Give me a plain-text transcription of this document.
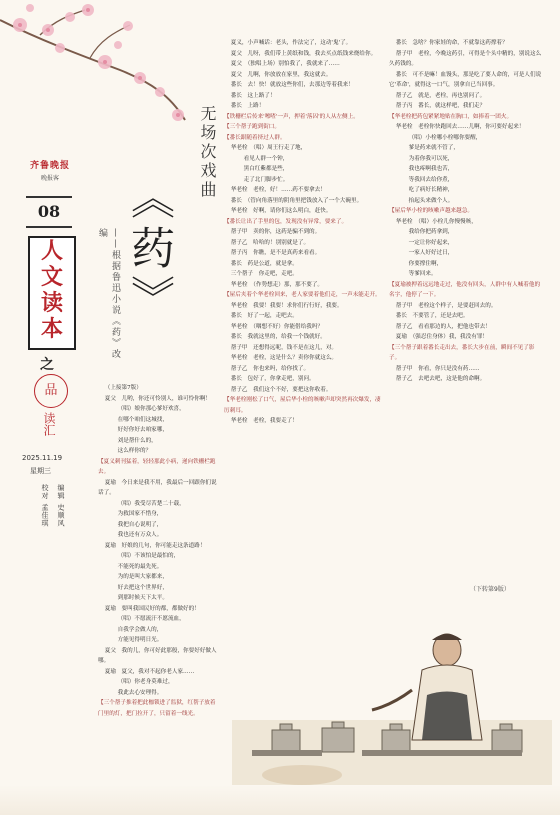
齐鲁晚报
晚报客
08
人
文
读
本
之
品
读汇
2025.11.19
星期三
编辑 史顺风
校对 孟佳琪
无场次戏曲
《药》
——根据鲁迅小说《药》改编

（上接第7版）

夏父　儿哟，你还可怜别人，谁可怜你啊！

（唱）娘你那心爹好欢喜，

在哪个咱们这城找，

好好你好去咱家哪，

刘是帮什么的，

这么样你的？

【夏义刺刊猛着，轻轻那此小病，递向铁栅栏跑去。

夏瑜　今日来是我不用，我最后一回跟你们说话了。

（唱）我受尽苦楚二十载，

为救国家不惜身，

我把自心说明了，

我也还有万众人。

夏瑜　好娘的几句，你可能走这条道路！

（唱）不该怕是最怕的，

不能死的最先死。

为的是叫大家都来，

好去把这个世界好，

到那时候天下太平。

夏瑜　要叫我国民好的都，都做好的！

（唱）不愿流汗不愿流血，

自我学会做人的，

方能见得明日光。

夏父　我的儿，你可好此那般，你要好好做人哪。

夏瑜　夏父，我对不起你老人家……

（唱）你老身莫难过，

我此去心安理得。

【三个帮子推着把此枷锁进了监狱，红帮子放着门里的灯，把门拉开了，只留着一线光。

夏义，小声喊话：老头，作法完了，这动'鬼'了。

夏父　儿呀，我们带上黄纸和钱，我去买点纸钱来烧给你。

夏父　（独唱上场）别怕我了，我就来了……

夏父　儿啊，你放放在家里，我这就去。

番长　去！快！就放这些你们，去那边等着我来！

番长　这上路了！

番长　上路！

【铁栅栏后传来'嚓喳'一声，押着'落囚'的人从左侧上。

【三个帮子跑到街口。

【番长跟随着挤过人群。

华老栓　（唱）周王行走了地，

看见人群一个钟，

黑白红紫都是些，

走了北门脚步忙。

华老栓　老栓，好！……药不要拿去！

番长　（管向角落里的阴角里把钱放入了一个大碗里。

华老栓　好啊，请你们这么明白，赶快。

【番长让出了手里的包，发现没有异常，要来了。

帮子甲　卖的你，这药是骗不到的。

帮子乙　哈哈的！别别就是了。

帮子丙　你瞧，是不是真药来看看。

番长　药是公道，就是拿。

三个帮子　你走吧，走吧。

华老栓　（作势想走）那，那不要了。

【屋后夹着个华老栓回来，老人家要着他们走，一声未能走开。

华老栓　我要！我要！求你们行行好，我要。

番长　好了一起，走吧去。

华老栓　（咽想不好）你能借给我吗？

番长　我就这里的，给我一个钱就好。

帮子甲　还想得远呢，钱不是在这儿，对。

华老栓　老栓，这是什么？卖你你就这么。

帮子乙　你也来吗，给你找了。

番长　包好了，你拿走吧，别问。

帮子乙　我们这个不好，要把这你收着。

【华老栓刚松了口气，屋后华小栓的咳嗽声却突然再次爆发，凄厉刺耳。

华老栓　老栓，我要走了！

番长　急啥？你家娃的命，不就靠这药撑着？

帮子甲　老栓，今晚这药引，可得是个头中精的，别说这么久药钱的。

番长　可不是嘛！血馒头，那是吃了要人命的，可是人们说它'革命'，就得这一口气，别拿自已当回事。

帮子乙　就是，老栓，再也别问了。

帮子丙　番长，就这样吧，我们走？

【华老栓把药包紧紧地贴在胸口，如捧着一团火。

华老栓　老栓你快跑回去……儿啊，你可要好起来！

（唱）小栓哪小栓哪你要醒，

爹是药来就不管了，

为着你我可以死，

我也疼啊我也苦，

等我回去给你煮，

吃了病好长精神，

抬起头来做个人。

【屋后华小栓的咳嗽声越来越急。

华老栓　（唱）小栓儿你慢慢咳，

我给你把药拿到，

一定让你好起来，

一家人好好过日，

你要撑住啊，

等爹回来。

【夏瑜被押着远远地走过，他没有回头，人群中有人喊着他的名字，他停了一下。

帮子甲　老栓这个样子，是要赶回去的。

番长　不要管了，还是去吧。

帮子乙　看看那边的人，把他也带去！

夏瑜　（强忍住身体）我，我没有罪！

【三个帮子跟着番长走出去，番长大步在前，瞬间不见了影子。

帮子甲　你看，你只是没有药……

帮子乙　去吧去吧，这是他的命啊。

（下转第9版）
